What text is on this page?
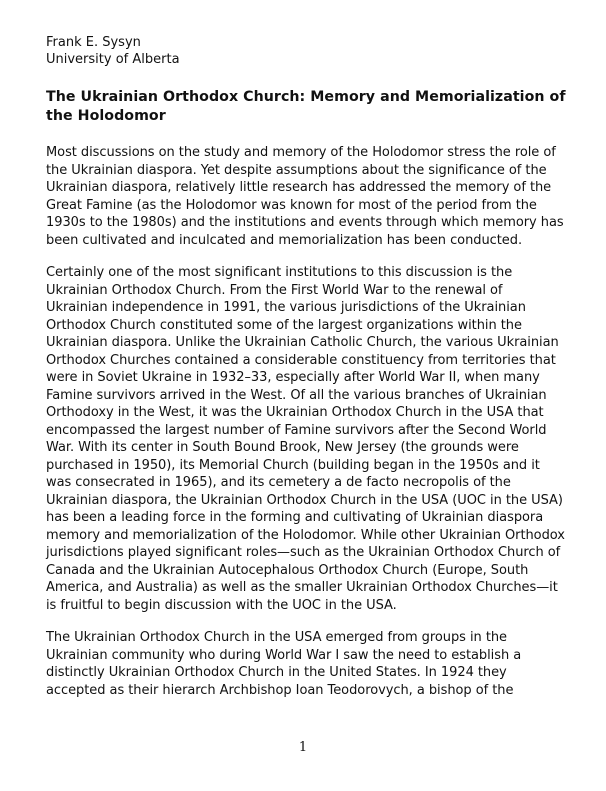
Frank E. Sysyn
University of Alberta
The Ukrainian Orthodox Church: Memory and Memorialization of the Holodomor

Most discussions on the study and memory of the Holodomor stress the role of the Ukrainian diaspora. Yet despite assumptions about the significance of the Ukrainian diaspora, relatively little research has addressed the memory of the Great Famine (as the Holodomor was known for most of the period from the 1930s to the 1980s) and the institutions and events through which memory has been cultivated and inculcated and memorialization has been conducted.

Certainly one of the most significant institutions to this discussion is the Ukrainian Orthodox Church. From the First World War to the renewal of Ukrainian independence in 1991, the various jurisdictions of the Ukrainian Orthodox Church constituted some of the largest organizations within the Ukrainian diaspora. Unlike the Ukrainian Catholic Church, the various Ukrainian Orthodox Churches contained a considerable constituency from territories that were in Soviet Ukraine in 1932–33, especially after World War II, when many Famine survivors arrived in the West. Of all the various branches of Ukrainian Orthodoxy in the West, it was the Ukrainian Orthodox Church in the USA that encompassed the largest number of Famine survivors after the Second World War. With its center in South Bound Brook, New Jersey (the grounds were purchased in 1950), its Memorial Church (building began in the 1950s and it was consecrated in 1965), and its cemetery a de facto necropolis of the Ukrainian diaspora, the Ukrainian Orthodox Church in the USA (UOC in the USA) has been a leading force in the forming and cultivating of Ukrainian diaspora memory and memorialization of the Holodomor. While other Ukrainian Orthodox jurisdictions played significant roles—such as the Ukrainian Orthodox Church of Canada and the Ukrainian Autocephalous Orthodox Church (Europe, South America, and Australia) as well as the smaller Ukrainian Orthodox Churches—it is fruitful to begin discussion with the UOC in the USA.

The Ukrainian Orthodox Church in the USA emerged from groups in the Ukrainian community who during World War I saw the need to establish a distinctly Ukrainian Orthodox Church in the United States. In 1924 they accepted as their hierarch Archbishop Ioan Teodorovych, a bishop of the

1
